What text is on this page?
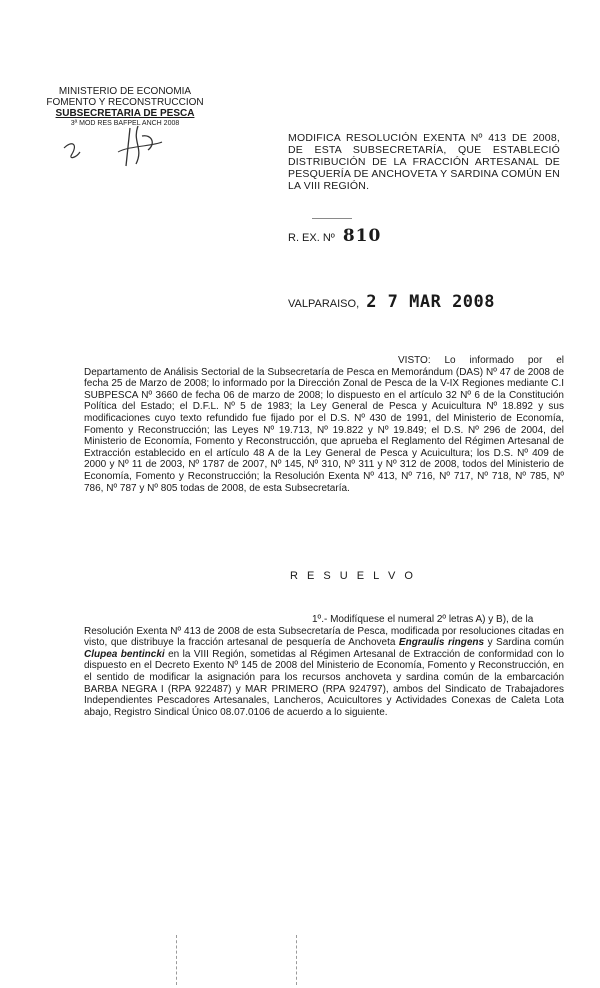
MINISTERIO DE ECONOMIA
FOMENTO Y RECONSTRUCCION
SUBSECRETARIA DE PESCA
3ª MOD RES BAFPEL ANCH 2008
MODIFICA RESOLUCIÓN EXENTA Nº 413 DE 2008, DE ESTA SUBSECRETARÍA, QUE ESTABLECIÓ DISTRIBUCIÓN DE LA FRACCIÓN ARTESANAL DE PESQUERÍA DE ANCHOVETA Y SARDINA COMÚN EN LA VIII REGIÓN.
R. EX. Nº 810
VALPARAISO, 2 7 MAR 2008
VISTO: Lo informado por el Departamento de Análisis Sectorial de la Subsecretaría de Pesca en Memorándum (DAS) Nº 47 de 2008 de fecha 25 de Marzo de 2008; lo informado por la Dirección Zonal de Pesca de la V-IX Regiones mediante C.I SUBPESCA Nº 3660 de fecha 06 de marzo de 2008; lo dispuesto en el artículo 32 Nº 6 de la Constitución Política del Estado; el D.F.L. Nº 5 de 1983; la Ley General de Pesca y Acuicultura Nº 18.892 y sus modificaciones cuyo texto refundido fue fijado por el D.S. Nº 430 de 1991, del Ministerio de Economía, Fomento y Reconstrucción; las Leyes Nº 19.713, Nº 19.822 y Nº 19.849; el D.S. Nº 296 de 2004, del Ministerio de Economía, Fomento y Reconstrucción, que aprueba el Reglamento del Régimen Artesanal de Extracción establecido en el artículo 48 A de la Ley General de Pesca y Acuicultura; los D.S. Nº 409 de 2000 y Nº 11 de 2003, Nº 1787 de 2007, Nº 145, Nº 310, Nº 311 y Nº 312 de 2008, todos del Ministerio de Economía, Fomento y Reconstrucción; la Resolución Exenta Nº 413, Nº 716, Nº 717, Nº 718, Nº 785, Nº 786, Nº 787 y Nº 805 todas de 2008, de esta Subsecretaría.
R E S U E L V O
1º.- Modifíquese el numeral 2º letras A) y B), de la
Resolución Exenta Nº 413 de 2008 de esta Subsecretaría de Pesca, modificada por resoluciones citadas en visto, que distribuye la fracción artesanal de pesquería de Anchoveta Engraulis ringens y Sardina común Clupea bentincki en la VIII Región, sometidas al Régimen Artesanal de Extracción de conformidad con lo dispuesto en el Decreto Exento Nº 145 de 2008 del Ministerio de Economía, Fomento y Reconstrucción, en el sentido de modificar la asignación para los recursos anchoveta y sardina común de la embarcación BARBA NEGRA I (RPA 922487) y MAR PRIMERO (RPA 924797), ambos del Sindicato de Trabajadores Independientes Pescadores Artesanales, Lancheros, Acuicultores y Actividades Conexas de Caleta Lota abajo, Registro Sindical Único 08.07.0106 de acuerdo a lo siguiente.
